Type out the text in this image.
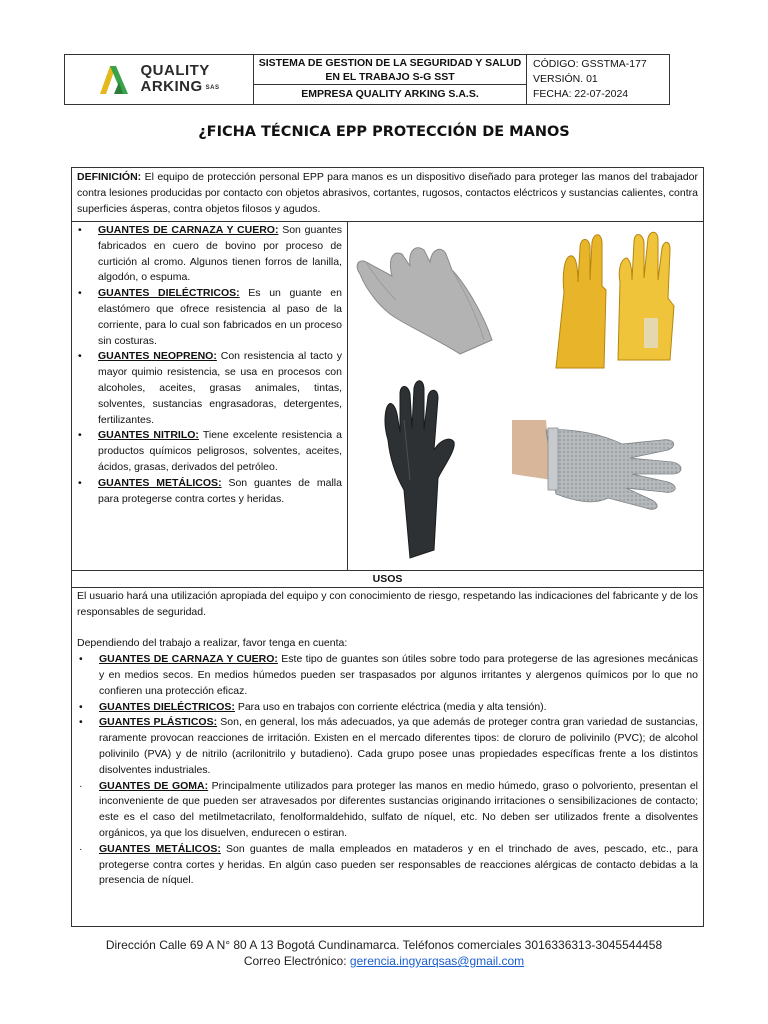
QUALITY
ARKING SAS
SISTEMA DE GESTION DE LA SEGURIDAD Y SALUD EN EL TRABAJO S-G SST
EMPRESA QUALITY ARKING S.A.S.
CÓDIGO: GSSTMA-177
VERSIÓN. 01
FECHA: 22-07-2024
¿FICHA TÉCNICA EPP PROTECCIÓN DE MANOS
DEFINICIÓN: El equipo de protección personal EPP para manos es un dispositivo diseñado para proteger las manos del trabajador contra lesiones producidas por contacto con objetos abrasivos, cortantes, rugosos, contactos eléctricos y sustancias calientes, contra superficies ásperas, contra objetos filosos y agudos.
• GUANTES DE CARNAZA Y CUERO: Son guantes fabricados en cuero de bovino por proceso de curtición al cromo. Algunos tienen forros de lanilla, algodón, o espuma.
• GUANTES DIELÉCTRICOS: Es un guante en elastómero que ofrece resistencia al paso de la corriente, para lo cual son fabricados en un proceso sin costuras.
• GUANTES NEOPRENO: Con resistencia al tacto y mayor quimio resistencia, se usa en procesos con alcoholes, aceites, grasas animales, tintas, solventes, sustancias engrasadoras, detergentes, fertilizantes.
• GUANTES NITRILO: Tiene excelente resistencia a productos químicos peligrosos, solventes, aceites, ácidos, grasas, derivados del petróleo.
• GUANTES METÁLICOS: Son guantes de malla para protegerse contra cortes y heridas.
USOS

El usuario hará una utilización apropiada del equipo y con conocimiento de riesgo, respetando las indicaciones del fabricante y de los responsables de seguridad.

Dependiendo del trabajo a realizar, favor tenga en cuenta:

• GUANTES DE CARNAZA Y CUERO: Este tipo de guantes son útiles sobre todo para protegerse de las agresiones mecánicas y en medios secos. En medios húmedos pueden ser traspasados por algunos irritantes y alergenos químicos por lo que no confieren una protección eficaz.
• GUANTES DIELÉCTRICOS: Para uso en trabajos con corriente eléctrica (media y alta tensión).
• GUANTES PLÁSTICOS: Son, en general, los más adecuados, ya que además de proteger contra gran variedad de sustancias, raramente provocan reacciones de irritación. Existen en el mercado diferentes tipos: de cloruro de polivinilo (PVC); de alcohol polivinilo (PVA) y de nitrilo (acrilonitrilo y butadieno). Cada grupo posee unas propiedades específicas frente a los distintos disolventes industriales.
· GUANTES DE GOMA: Principalmente utilizados para proteger las manos en medio húmedo, graso o polvoriento, presentan el inconveniente de que pueden ser atravesados por diferentes sustancias originando irritaciones o sensibilizaciones de contacto; este es el caso del metilmetacrilato, fenolformaldehido, sulfato de níquel, etc. No deben ser utilizados frente a disolventes orgánicos, ya que los disuelven, endurecen o estiran.
· GUANTES METÁLICOS: Son guantes de malla empleados en mataderos y en el trinchado de aves, pescado, etc., para protegerse contra cortes y heridas. En algún caso pueden ser responsables de reacciones alérgicas de contacto debidas a la presencia de níquel.
Dirección Calle 69 A N° 80 A 13 Bogotá Cundinamarca. Teléfonos comerciales 3016336313-3045544458
Correo Electrónico: gerencia.ingyarqsas@gmail.com
